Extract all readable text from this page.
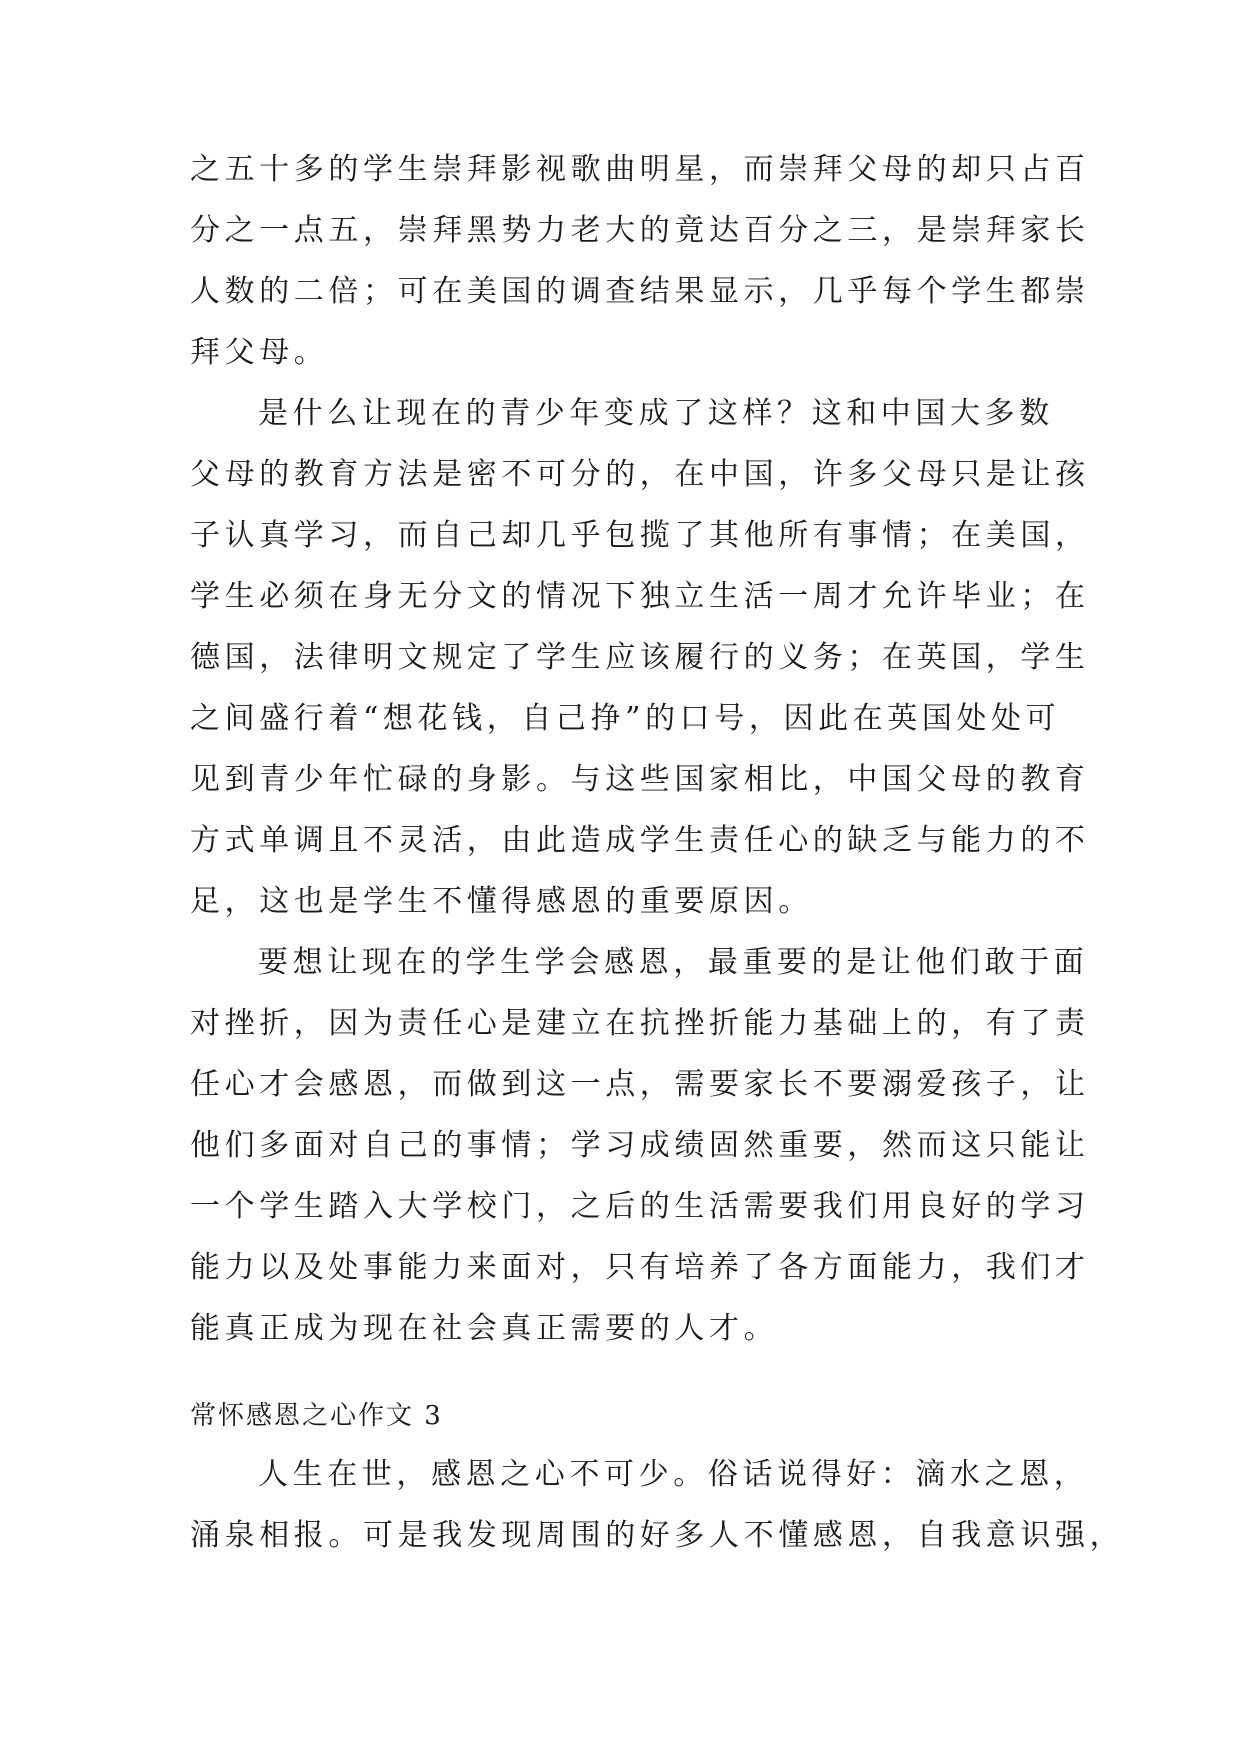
之五十多的学生崇拜影视歌曲明星，而崇拜父母的却只占百
分之一点五，崇拜黑势力老大的竟达百分之三，是崇拜家长
人数的二倍；可在美国的调查结果显示，几乎每个学生都崇
拜父母。
是什么让现在的青少年变成了这样？这和中国大多数
父母的教育方法是密不可分的，在中国，许多父母只是让孩
子认真学习，而自己却几乎包揽了其他所有事情；在美国，
学生必须在身无分文的情况下独立生活一周才允许毕业；在
德国，法律明文规定了学生应该履行的义务；在英国，学生
之间盛行着“想花钱，自己挣”的口号，因此在英国处处可
见到青少年忙碌的身影。与这些国家相比，中国父母的教育
方式单调且不灵活，由此造成学生责任心的缺乏与能力的不
足，这也是学生不懂得感恩的重要原因。
要想让现在的学生学会感恩，最重要的是让他们敢于面
对挫折，因为责任心是建立在抗挫折能力基础上的，有了责
任心才会感恩，而做到这一点，需要家长不要溺爱孩子，让
他们多面对自己的事情；学习成绩固然重要，然而这只能让
一个学生踏入大学校门，之后的生活需要我们用良好的学习
能力以及处事能力来面对，只有培养了各方面能力，我们才
能真正成为现在社会真正需要的人才。
常怀感恩之心作文 3
人生在世，感恩之心不可少。俗话说得好：滴水之恩，
涌泉相报。可是我发现周围的好多人不懂感恩，自我意识强，
